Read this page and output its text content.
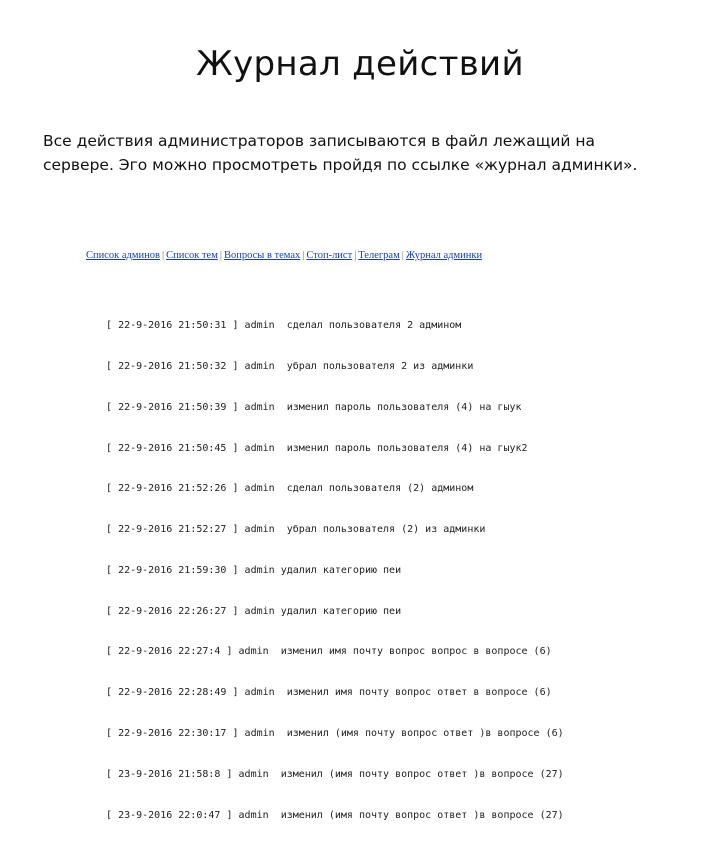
Журнал действий

Все действия администраторов записываются в файл лежащий на

сервере. Эго можно просмотреть пройдя по ссылке «журнал админки».

Список админов | Список тем | Вопросы в темах | Стоп-лист | Телеграм | Журнал админки

[ 22-9-2016 21:50:31 ] admin сделал пользователя 2 админом

[ 22-9-2016 21:50:32 ] admin убрал пользователя 2 из админки

[ 22-9-2016 21:50:39 ] admin изменил пароль пользователя (4) на гыук

[ 22-9-2016 21:50:45 ] admin изменил пароль пользователя (4) на гыук2

[ 22-9-2016 21:52:26 ] admin сделал пользователя (2) админом

[ 22-9-2016 21:52:27 ] admin убрал пользователя (2) из админки

[ 22-9-2016 21:59:30 ] admin удалил категорию пеи

[ 22-9-2016 22:26:27 ] admin удалил категорию пеи

[ 22-9-2016 22:27:4 ] admin изменил имя почту вопрос вопрос в вопросе (6)

[ 22-9-2016 22:28:49 ] admin изменил имя почту вопрос ответ в вопросе (6)

[ 22-9-2016 22:30:17 ] admin изменил (имя почту вопрос ответ )в вопросе (6)

[ 23-9-2016 21:58:8 ] admin изменил (имя почту вопрос ответ )в вопросе (27)

[ 23-9-2016 22:0:47 ] admin изменил (имя почту вопрос ответ )в вопросе (27)
